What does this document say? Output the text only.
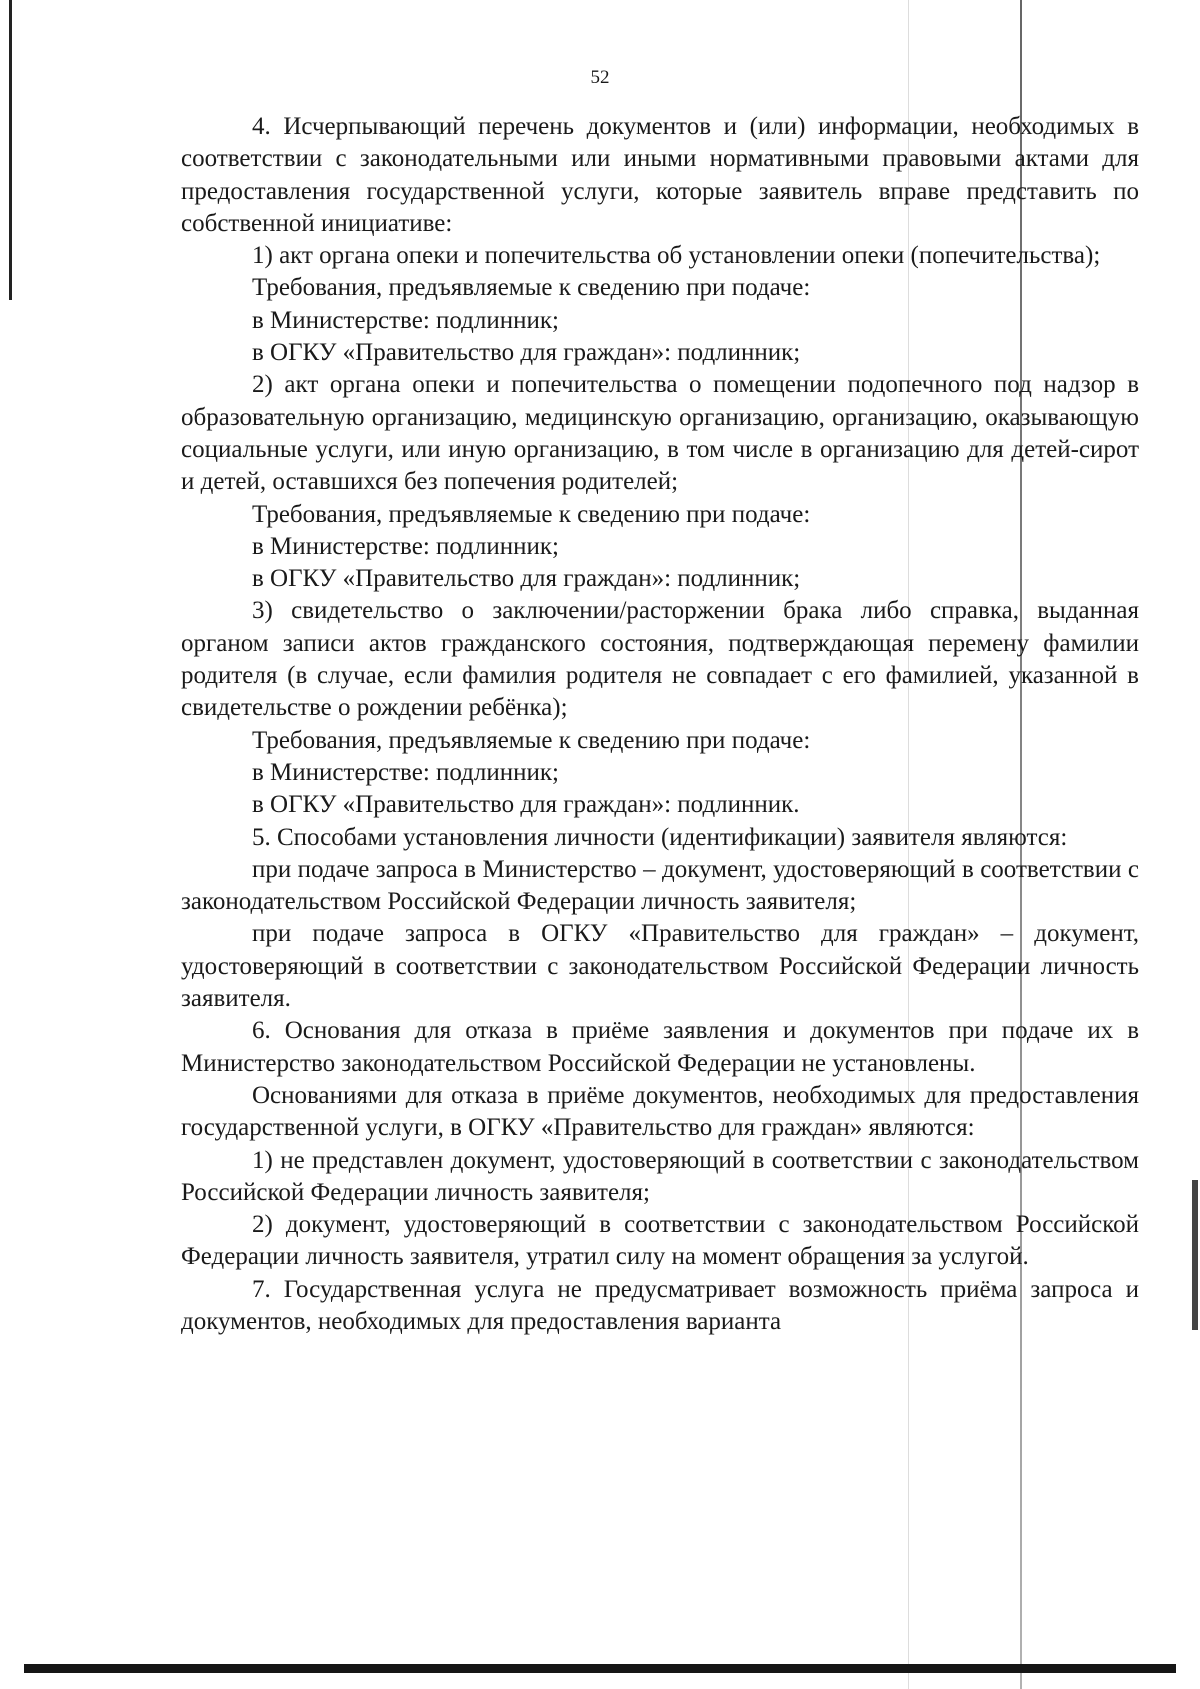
52

4. Исчерпывающий перечень документов и (или) информации, необходимых в соответствии с законодательными или иными нормативными правовыми актами для предоставления государственной услуги, которые заявитель вправе представить по собственной инициативе:

1) акт органа опеки и попечительства об установлении опеки (попечительства);

Требования, предъявляемые к сведению при подаче:

в Министерстве: подлинник;

в ОГКУ «Правительство для граждан»: подлинник;

2) акт органа опеки и попечительства о помещении подопечного под надзор в образовательную организацию, медицинскую организацию, организацию, оказывающую социальные услуги, или иную организацию, в том числе в организацию для детей-сирот и детей, оставшихся без попечения родителей;

Требования, предъявляемые к сведению при подаче:

в Министерстве: подлинник;

в ОГКУ «Правительство для граждан»: подлинник;

3) свидетельство о заключении/расторжении брака либо справка, выданная органом записи актов гражданского состояния, подтверждающая перемену фамилии родителя (в случае, если фамилия родителя не совпадает с его фамилией, указанной в свидетельстве о рождении ребёнка);

Требования, предъявляемые к сведению при подаче:

в Министерстве: подлинник;

в ОГКУ «Правительство для граждан»: подлинник.

5. Способами установления личности (идентификации) заявителя являются:

при подаче запроса в Министерство – документ, удостоверяющий в соответствии с законодательством Российской Федерации личность заявителя;

при подаче запроса в ОГКУ «Правительство для граждан» – документ, удостоверяющий в соответствии с законодательством Российской Федерации личность заявителя.

6. Основания для отказа в приёме заявления и документов при подаче их в Министерство законодательством Российской Федерации не установлены.

Основаниями для отказа в приёме документов, необходимых для предоставления государственной услуги, в ОГКУ «Правительство для граждан» являются:

1) не представлен документ, удостоверяющий в соответствии с законодательством Российской Федерации личность заявителя;

2) документ, удостоверяющий в соответствии с законодательством Российской Федерации личность заявителя, утратил силу на момент обращения за услугой.

7. Государственная услуга не предусматривает возможность приёма запроса и документов, необходимых для предоставления варианта
